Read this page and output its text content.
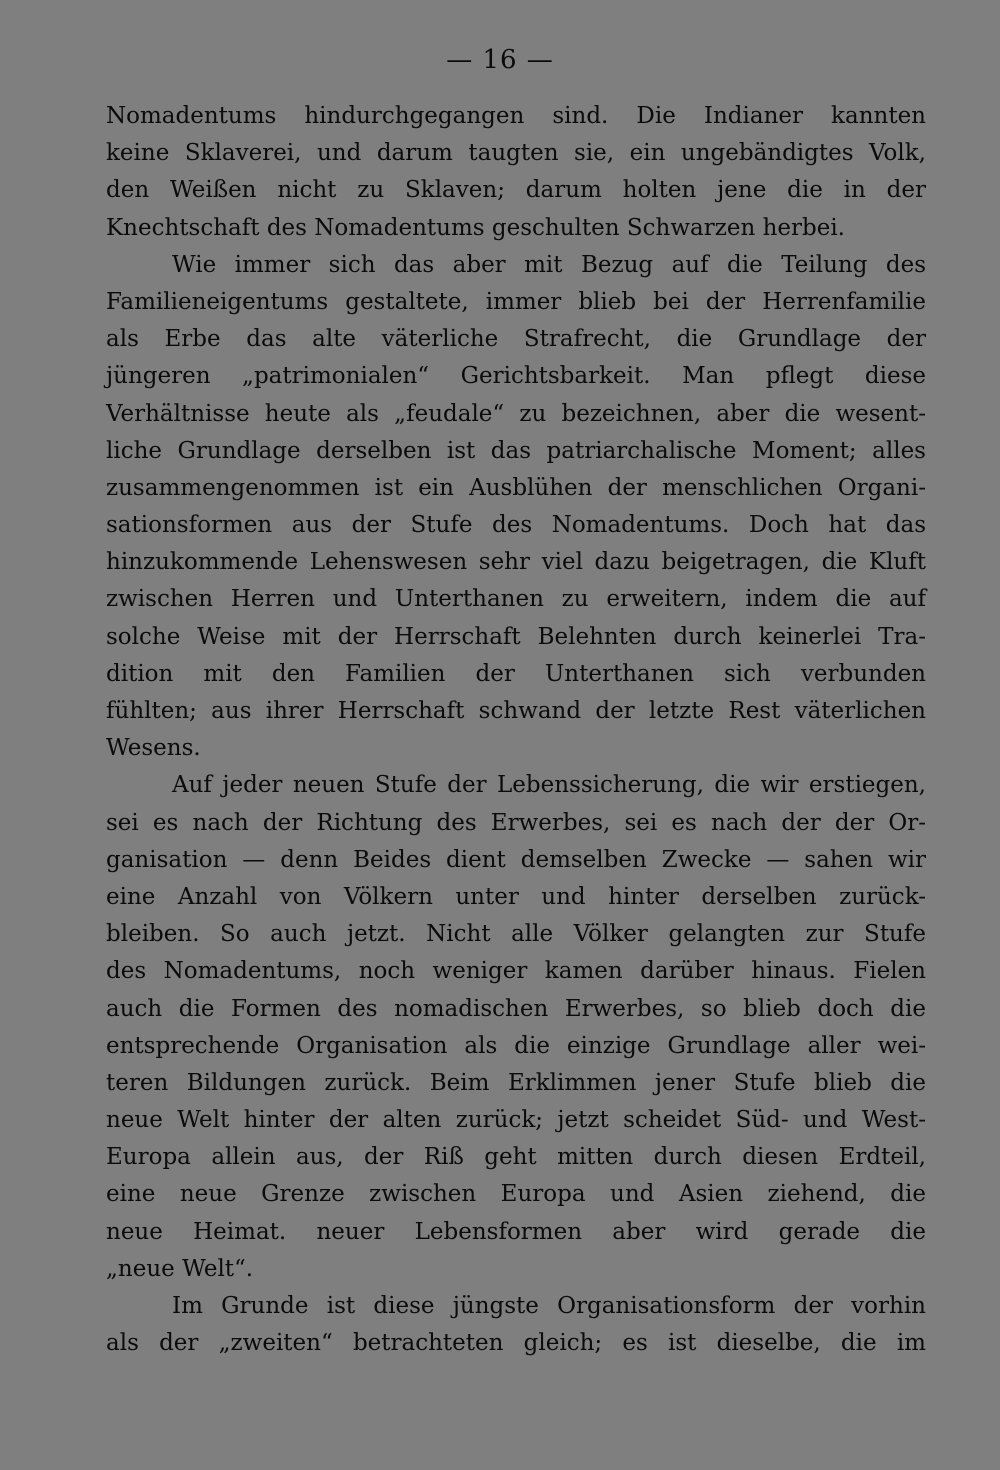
— 16 —
Nomadentums hindurchgegangen sind. Die Indianer kannten
keine Sklaverei, und darum taugten sie, ein ungebändigtes Volk,
den Weißen nicht zu Sklaven; darum holten jene die in der
Knechtschaft des Nomadentums geschulten Schwarzen herbei.
Wie immer sich das aber mit Bezug auf die Teilung des
Familieneigentums gestaltete, immer blieb bei der Herrenfamilie
als Erbe das alte väterliche Strafrecht, die Grundlage der
jüngeren „patrimonialen“ Gerichtsbarkeit. Man pflegt diese
Verhältnisse heute als „feudale“ zu bezeichnen, aber die wesent-
liche Grundlage derselben ist das patriarchalische Moment; alles
zusammengenommen ist ein Ausblühen der menschlichen Organi-
sationsformen aus der Stufe des Nomadentums. Doch hat das
hinzukommende Lehenswesen sehr viel dazu beigetragen, die Kluft
zwischen Herren und Unterthanen zu erweitern, indem die auf
solche Weise mit der Herrschaft Belehnten durch keinerlei Tra-
dition mit den Familien der Unterthanen sich verbunden
fühlten; aus ihrer Herrschaft schwand der letzte Rest väterlichen
Wesens.
Auf jeder neuen Stufe der Lebenssicherung, die wir erstiegen,
sei es nach der Richtung des Erwerbes, sei es nach der der Or-
ganisation — denn Beides dient demselben Zwecke — sahen wir
eine Anzahl von Völkern unter und hinter derselben zurück-
bleiben. So auch jetzt. Nicht alle Völker gelangten zur Stufe
des Nomadentums, noch weniger kamen darüber hinaus. Fielen
auch die Formen des nomadischen Erwerbes, so blieb doch die
entsprechende Organisation als die einzige Grundlage aller wei-
teren Bildungen zurück. Beim Erklimmen jener Stufe blieb die
neue Welt hinter der alten zurück; jetzt scheidet Süd- und West-
Europa allein aus, der Riß geht mitten durch diesen Erdteil,
eine neue Grenze zwischen Europa und Asien ziehend, die
neue Heimat. neuer Lebensformen aber wird gerade die
„neue Welt“.
Im Grunde ist diese jüngste Organisationsform der vorhin
als der „zweiten“ betrachteten gleich; es ist dieselbe, die im
